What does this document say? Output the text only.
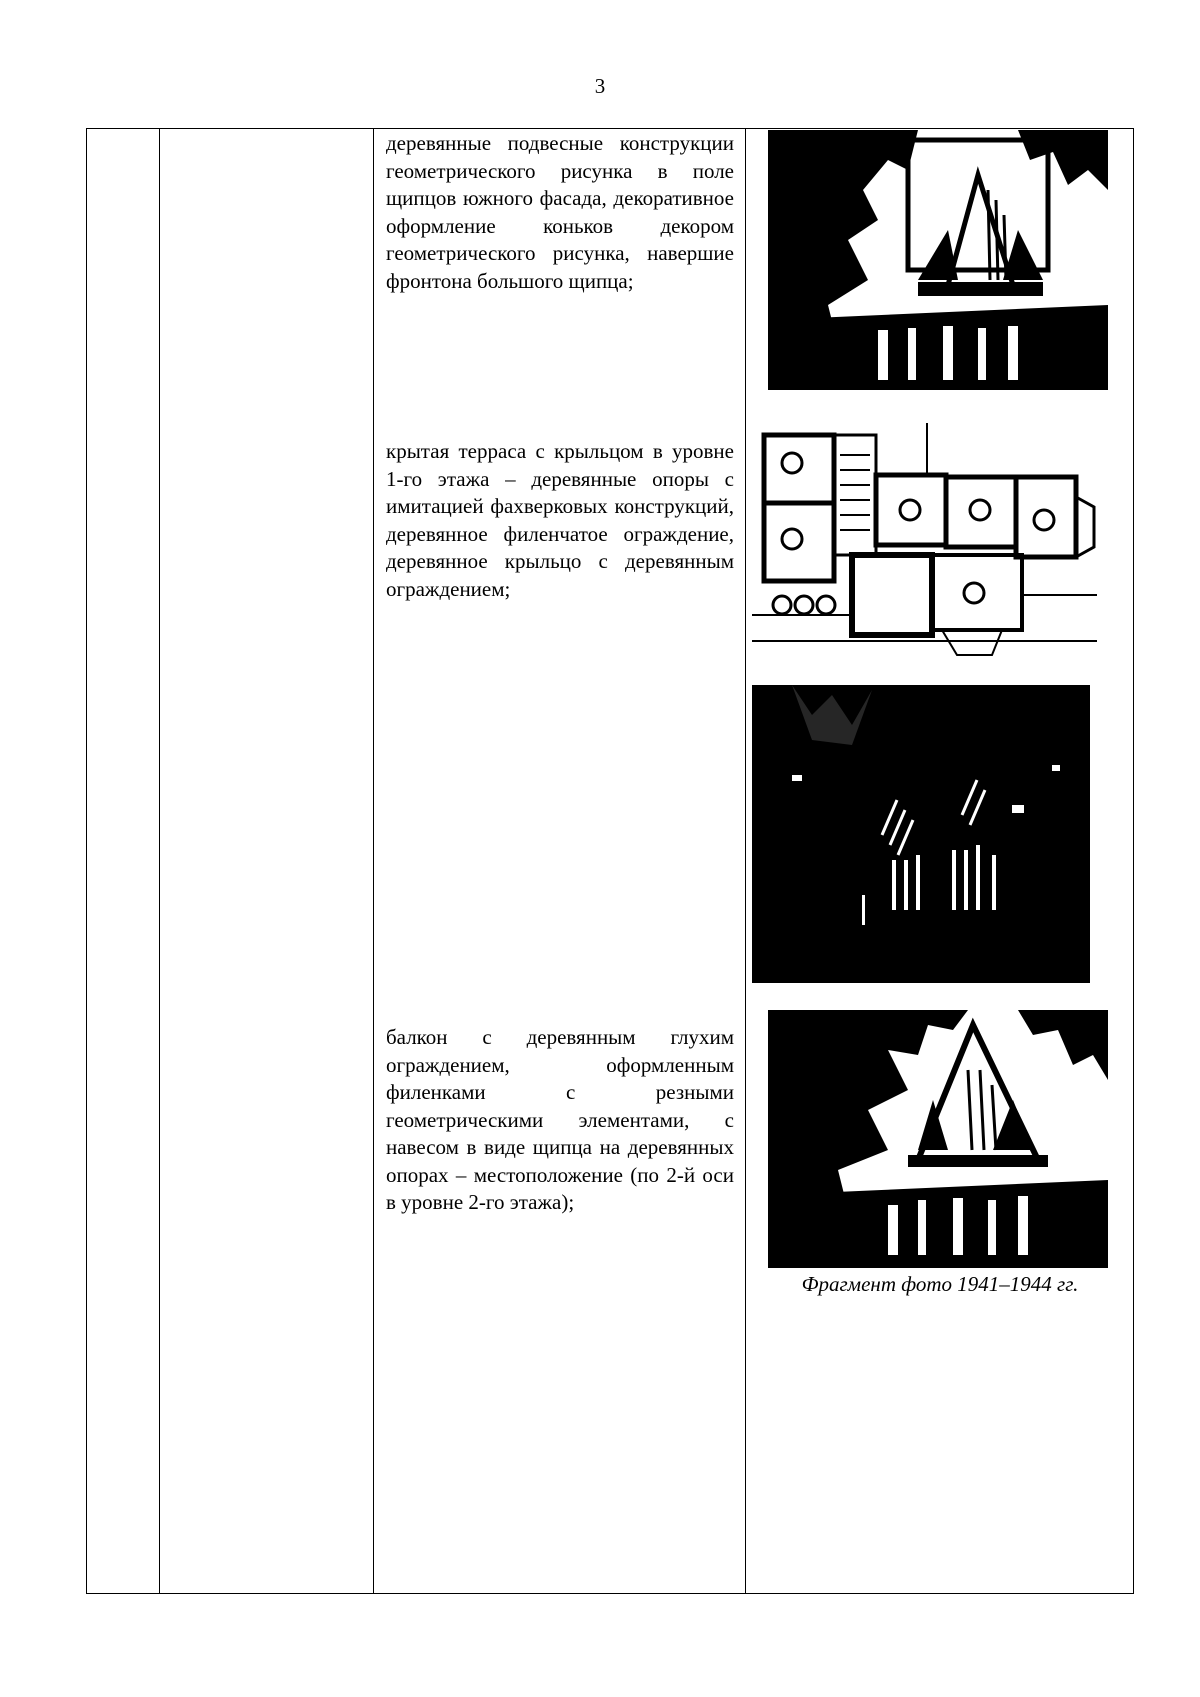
3
деревянные подвесные конструкции геометрического рисунка в поле щипцов южного фасада, декоративное оформление коньков декором геометрического рисунка, навершие фронтона большого щипца;
крытая терраса с крыльцом в уровне 1-го этажа – деревянные опоры с имитацией фахверковых конструкций, деревянное филенчатое ограждение, деревянное крыльцо с деревянным ограждением;
балкон с деревянным глухим ограждением, оформленным филенками с резными геометрическими элементами, с навесом в виде щипца на деревянных опорах – местоположение (по 2-й оси в уровне 2-го этажа);
Фрагмент фото 1941–1944 гг.
